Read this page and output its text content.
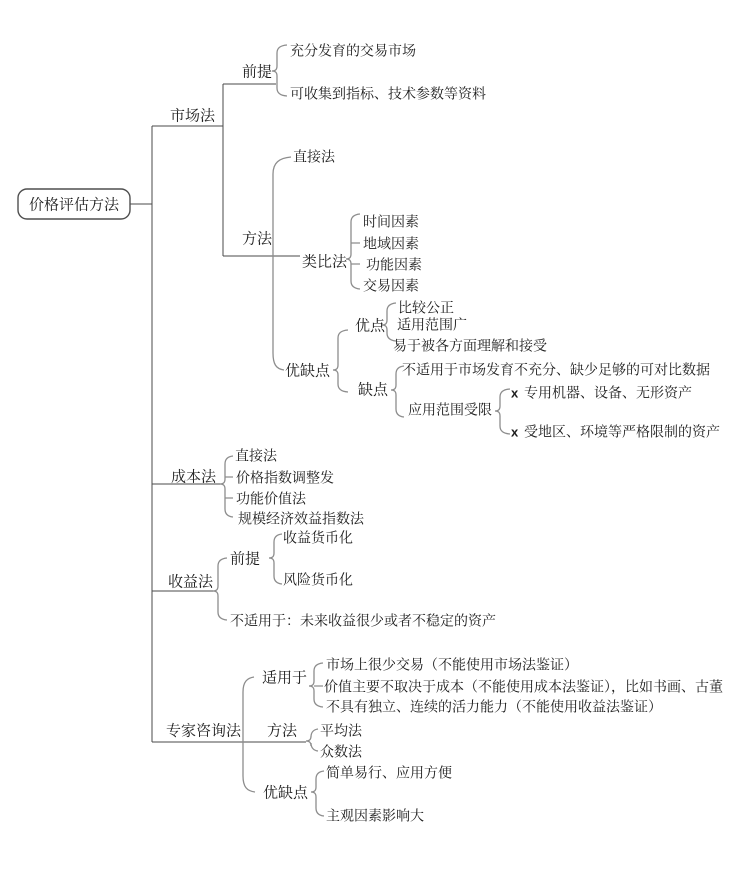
价格评估方法
市场法
前提
充分发育的交易市场
可收集到指标、技术参数等资料
方法
直接法
类比法
时间因素
地域因素
功能因素
交易因素
优缺点
优点
比较公正
适用范围广
易于被各方面理解和接受
缺点
不适用于市场发育不充分、缺少足够的可对比数据
应用范围受限
x 专用机器、设备、无形资产
x 受地区、环境等严格限制的资产
成本法
直接法
价格指数调整发
功能价值法
规模经济效益指数法
收益法
前提
收益货币化
风险货币化
不适用于：未来收益很少或者不稳定的资产
专家咨询法
适用于
市场上很少交易（不能使用市场法鉴证）
价值主要不取决于成本（不能使用成本法鉴证），比如书画、古董
不具有独立、连续的活力能力（不能使用收益法鉴证）
方法 平均法
众数法
优缺点
简单易行、应用方便
主观因素影响大
